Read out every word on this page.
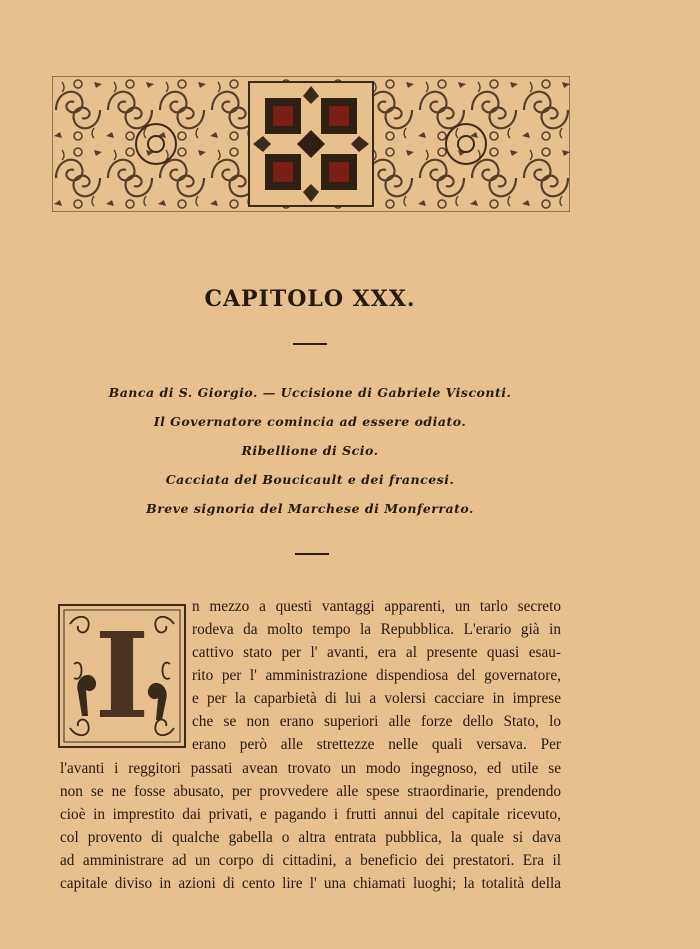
CAPITOLO XXX.
Banca di S. Giorgio. — Uccisione di Gabriele Visconti.
Il Governatore comincia ad essere odiato.
Ribellione di Scio.
Cacciata del Boucicault e dei francesi.
Breve signoria del Marchese di Monferrato.
I	n mezzo a questi vantaggi apparenti, un tarlo secreto
rodeva da molto tempo la Repubblica. L'erario già in
cattivo stato per l' avanti, era al presente quasi esau-
rito per l' amministrazione dispendiosa del governatore,
e per la caparbietà di lui a volersi cacciare in imprese
che se non erano superiori alle forze dello Stato, lo
erano però alle strettezze nelle quali versava. Per
l'avanti i reggitori passati avean trovato un modo ingegnoso, ed utile se
non se ne fosse abusato, per provvedere alle spese straordinarie, prendendo
cioè in imprestito dai privati, e pagando i frutti annui del capitale ricevuto,
col provento di qualche gabella o altra entrata pubblica, la quale si dava
ad amministrare ad un corpo di cittadini, a beneficio dei prestatori. Era il
capitale diviso in azioni di cento lire l' una chiamati luoghi; la totalità della
